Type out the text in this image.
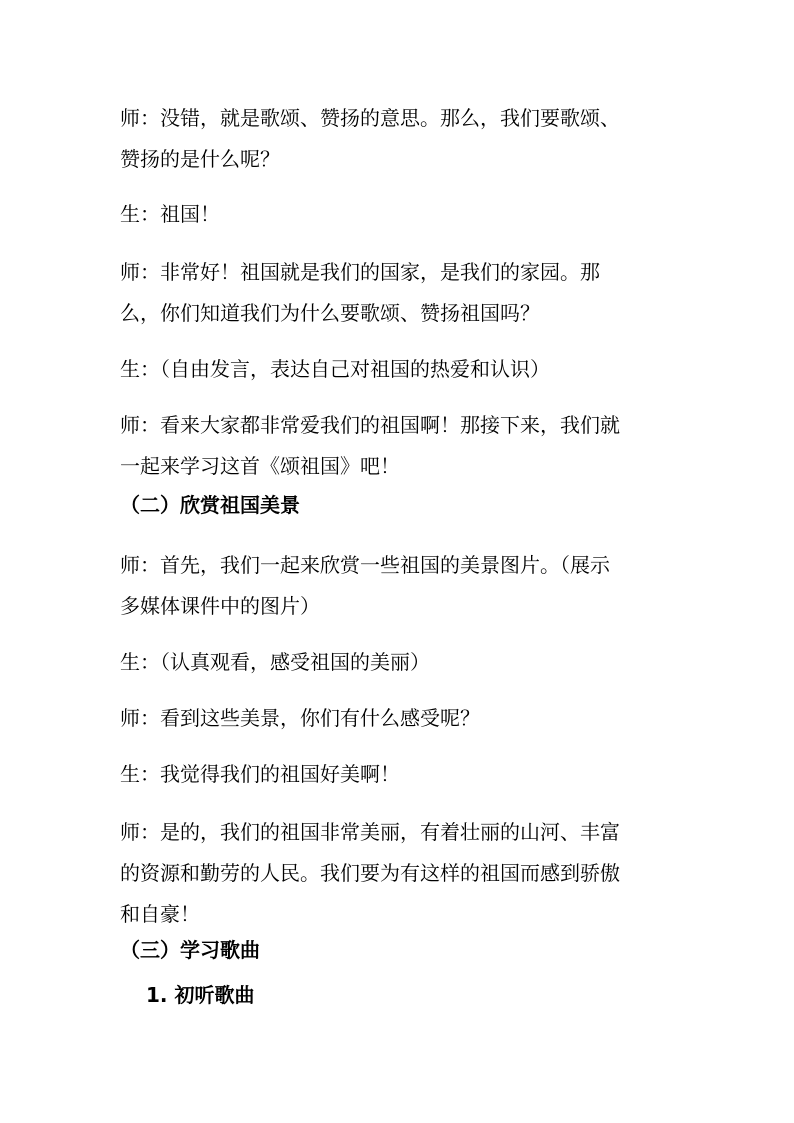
师：没错，就是歌颂、赞扬的意思。那么，我们要歌颂、
赞扬的是什么呢？

生：祖国！

师：非常好！祖国就是我们的国家，是我们的家园。那
么，你们知道我们为什么要歌颂、赞扬祖国吗？

生：（自由发言，表达自己对祖国的热爱和认识）

师：看来大家都非常爱我们的祖国啊！那接下来，我们就
一起来学习这首《颂祖国》吧！

（二）欣赏祖国美景

师：首先，我们一起来欣赏一些祖国的美景图片。（展示
多媒体课件中的图片）

生：（认真观看，感受祖国的美丽）

师：看到这些美景，你们有什么感受呢？

生：我觉得我们的祖国好美啊！

师：是的，我们的祖国非常美丽，有着壮丽的山河、丰富
的资源和勤劳的人民。我们要为有这样的祖国而感到骄傲
和自豪！

（三）学习歌曲
1. 初听歌曲
